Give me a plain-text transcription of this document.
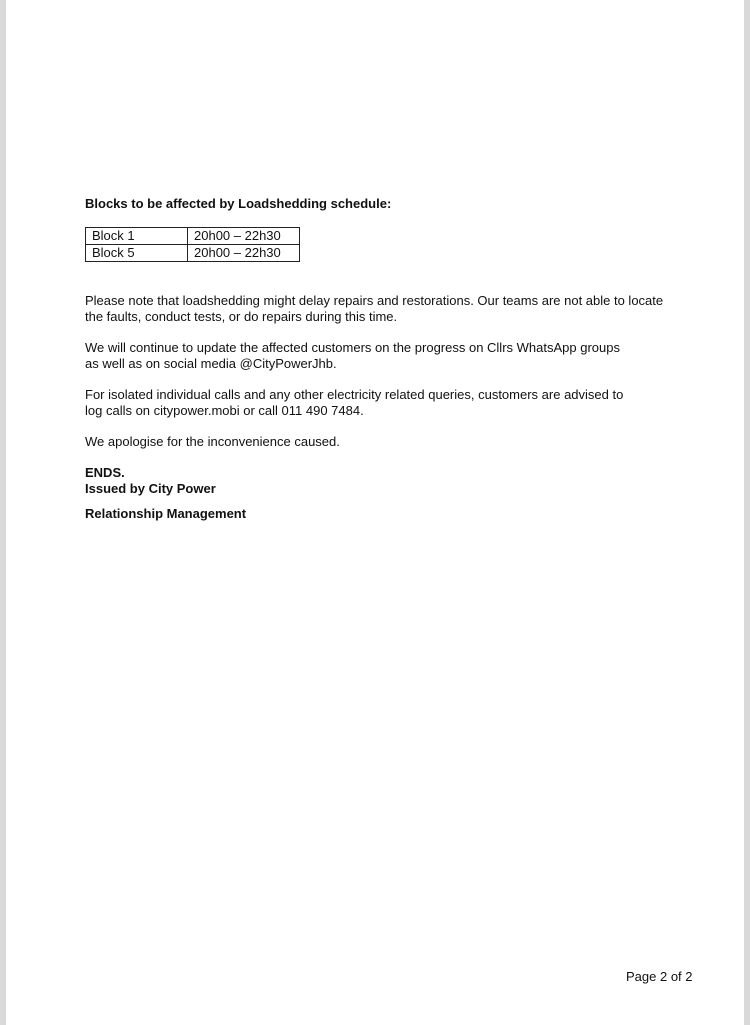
Blocks to be affected by Loadshedding schedule:
Block 1	20h00 – 22h30
Block 5	20h00 – 22h30

Please note that loadshedding might delay repairs and restorations. Our teams are not able to locate
the faults, conduct tests, or do repairs during this time.

We will continue to update the affected customers on the progress on Cllrs WhatsApp groups
as well as on social media @CityPowerJhb.

For isolated individual calls and any other electricity related queries, customers are advised to
log calls on citypower.mobi or call 011 490 7484.

We apologise for the inconvenience caused.

ENDS.
Issued by City Power
Relationship Management
Page 2 of 2
